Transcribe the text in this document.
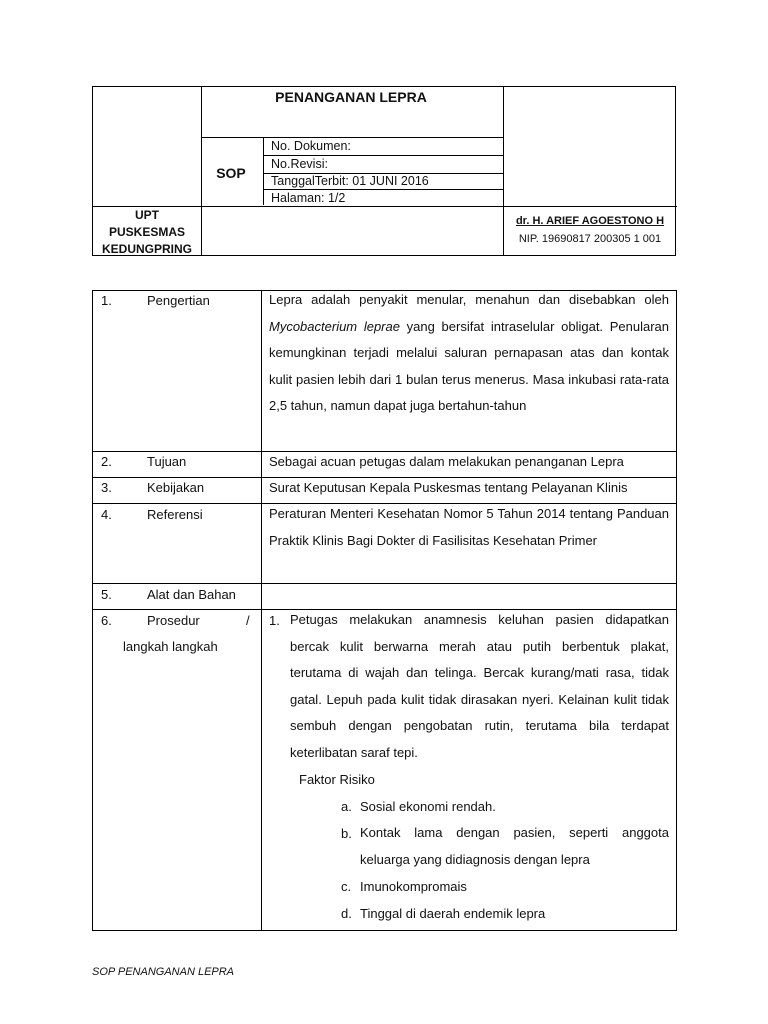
PENANGANAN LEPRA
SOP
No. Dokumen:
No.Revisi:
TanggalTerbit: 01 JUNI 2016
Halaman: 1/2
UPT
PUSKESMAS
KEDUNGPRING
dr. H. ARIEF AGOESTONO H
NIP. 19690817 200305 1 001
1.	Pengertian	Lepra adalah penyakit menular, menahun dan disebabkan oleh Mycobacterium leprae yang bersifat intraselular obligat. Penularan kemungkinan terjadi melalui saluran pernapasan atas dan kontak kulit pasien lebih dari 1 bulan terus menerus. Masa inkubasi rata-rata 2,5 tahun, namun dapat juga bertahun-tahun
2.	Tujuan	Sebagai acuan petugas dalam melakukan penanganan Lepra
3.	Kebijakan	Surat Keputusan Kepala Puskesmas tentang Pelayanan Klinis
4.	Referensi	Peraturan Menteri Kesehatan Nomor 5 Tahun 2014 tentang Panduan Praktik Klinis Bagi Dokter di Fasilisitas Kesehatan Primer
5.	Alat dan Bahan
6.	Prosedur	/
langkah langkah
1. Petugas melakukan anamnesis keluhan pasien didapatkan bercak kulit berwarna merah atau putih berbentuk plakat, terutama di wajah dan telinga. Bercak kurang/mati rasa, tidak gatal. Lepuh pada kulit tidak dirasakan nyeri. Kelainan kulit tidak sembuh dengan pengobatan rutin, terutama bila terdapat keterlibatan saraf tepi.
Faktor Risiko
a. Sosial ekonomi rendah.
b. Kontak lama dengan pasien, seperti anggota keluarga yang didiagnosis dengan lepra
c. Imunokompromais
d. Tinggal di daerah endemik lepra
SOP PENANGANAN LEPRA
